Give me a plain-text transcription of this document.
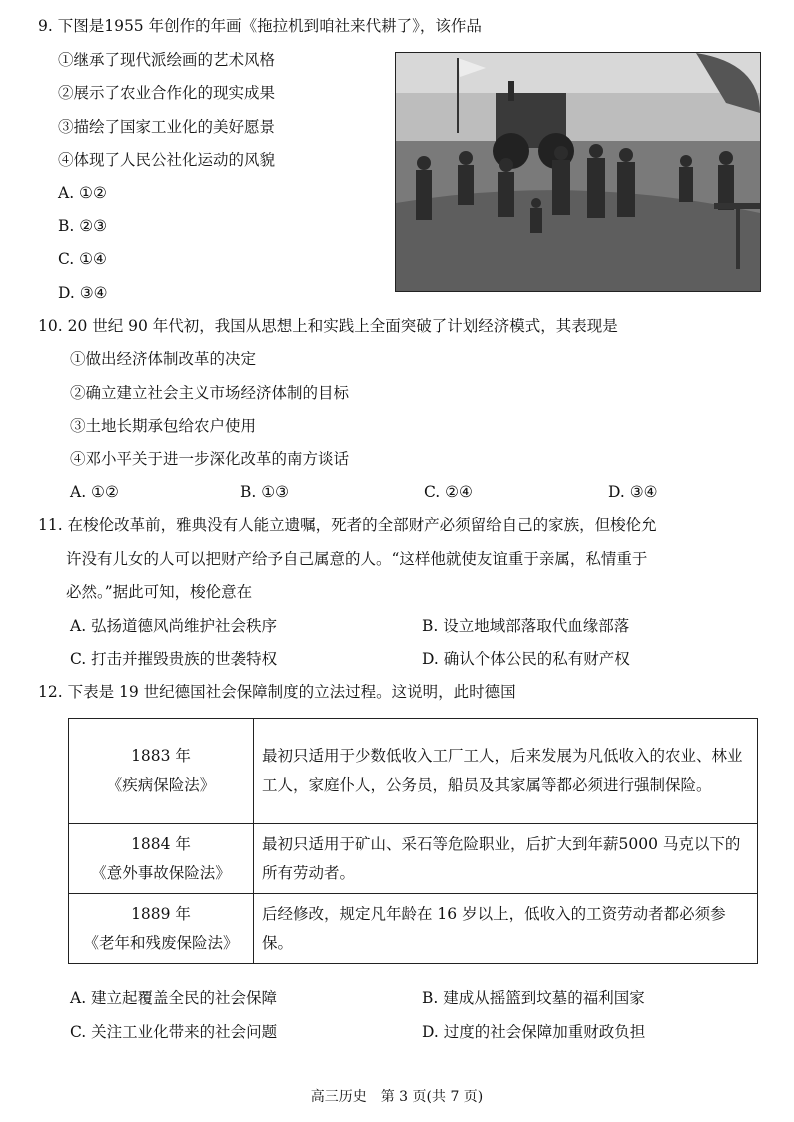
9. 下图是1955 年创作的年画《拖拉机到咱社来代耕了》，该作品
①继承了现代派绘画的艺术风格
②展示了农业合作化的现实成果
③描绘了国家工业化的美好愿景
④体现了人民公社化运动的风貌
A. ①②
B. ②③
C. ①④
D. ③④
10. 20 世纪 90 年代初，我国从思想上和实践上全面突破了计划经济模式，其表现是
①做出经济体制改革的决定
②确立建立社会主义市场经济体制的目标
③土地长期承包给农户使用
④邓小平关于进一步深化改革的南方谈话
A. ①②	B. ①③	C. ②④	D. ③④
11. 在梭伦改革前，雅典没有人能立遗嘱，死者的全部财产必须留给自己的家族，但梭伦允
许没有儿女的人可以把财产给予自己属意的人。“这样他就使友谊重于亲属，私情重于
必然。”据此可知，梭伦意在
A. 弘扬道德风尚维护社会秩序	B. 设立地域部落取代血缘部落
C. 打击并摧毁贵族的世袭特权	D. 确认个体公民的私有财产权
12. 下表是 19 世纪德国社会保障制度的立法过程。这说明，此时德国
1883 年
《疾病保险法》	最初只适用于少数低收入工厂工人，后来发展为凡低收入的农业、林业工人，家庭仆人，公务员，船员及其家属等都必须进行强制保险。

1884 年
《意外事故保险法》	最初只适用于矿山、采石等危险职业，后扩大到年薪5000 马克以下的所有劳动者。

1889 年
《老年和残废保险法》	后经修改，规定凡年龄在 16 岁以上，低收入的工资劳动者都必须参保。
A. 建立起覆盖全民的社会保障	B. 建成从摇篮到坟墓的福利国家
C. 关注工业化带来的社会问题	D. 过度的社会保障加重财政负担
高三历史　第 3 页(共 7 页)
